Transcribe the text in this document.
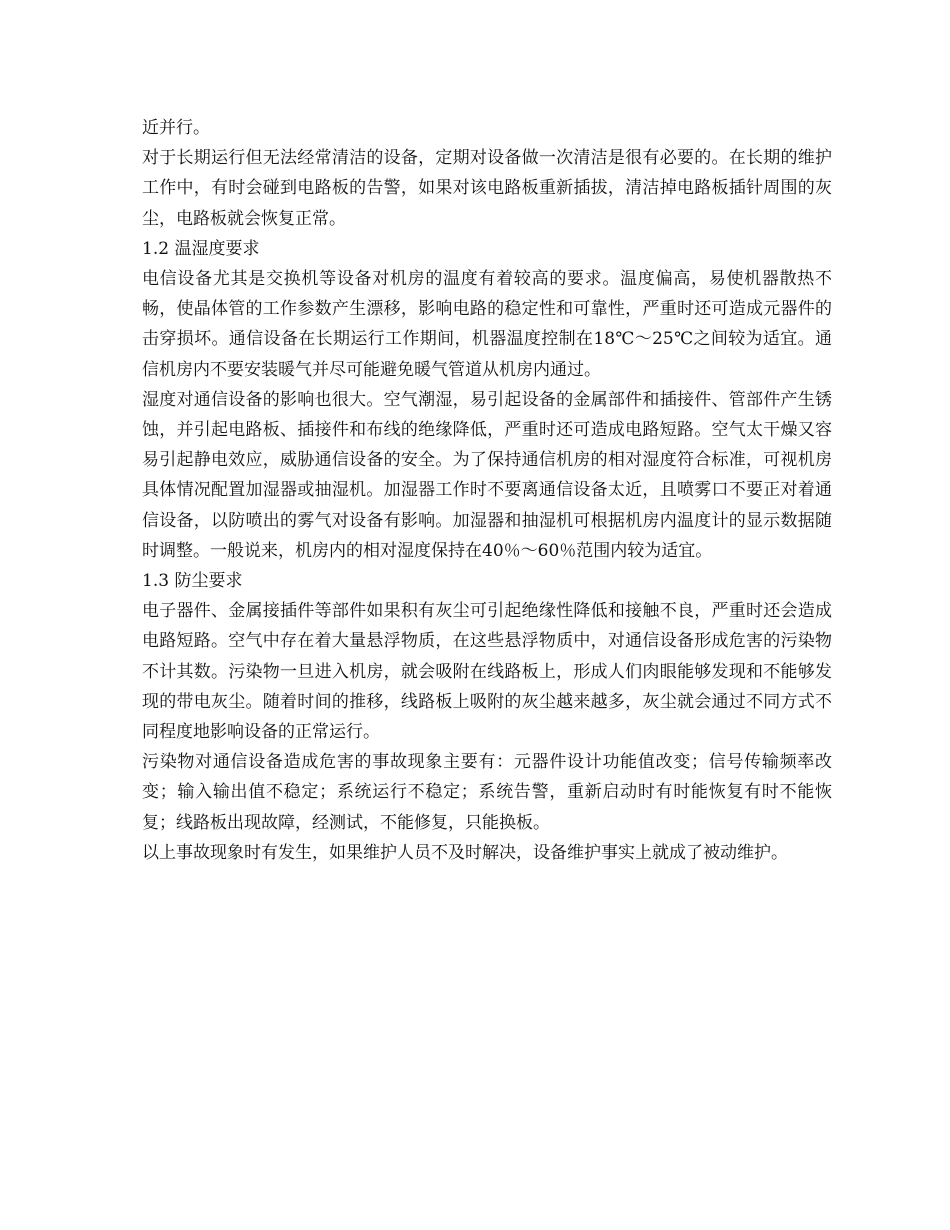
近并行。

对于长期运行但无法经常清洁的设备，定期对设备做一次清洁是很有必要的。在长期的维护工作中，有时会碰到电路板的告警，如果对该电路板重新插拔，清洁掉电路板插针周围的灰尘，电路板就会恢复正常。

1.2 温湿度要求

电信设备尤其是交换机等设备对机房的温度有着较高的要求。温度偏高，易使机器散热不畅，使晶体管的工作参数产生漂移，影响电路的稳定性和可靠性，严重时还可造成元器件的击穿损坏。通信设备在长期运行工作期间，机器温度控制在18℃～25℃之间较为适宜。通信机房内不要安装暖气并尽可能避免暖气管道从机房内通过。

湿度对通信设备的影响也很大。空气潮湿，易引起设备的金属部件和插接件、管部件产生锈蚀，并引起电路板、插接件和布线的绝缘降低，严重时还可造成电路短路。空气太干燥又容易引起静电效应，威胁通信设备的安全。为了保持通信机房的相对湿度符合标准，可视机房具体情况配置加湿器或抽湿机。加湿器工作时不要离通信设备太近，且喷雾口不要正对着通信设备，以防喷出的雾气对设备有影响。加湿器和抽湿机可根据机房内温度计的显示数据随时调整。一般说来，机房内的相对湿度保持在40％～60％范围内较为适宜。

1.3 防尘要求

电子器件、金属接插件等部件如果积有灰尘可引起绝缘性降低和接触不良，严重时还会造成电路短路。空气中存在着大量悬浮物质，在这些悬浮物质中，对通信设备形成危害的污染物不计其数。污染物一旦进入机房，就会吸附在线路板上，形成人们肉眼能够发现和不能够发现的带电灰尘。随着时间的推移，线路板上吸附的灰尘越来越多，灰尘就会通过不同方式不同程度地影响设备的正常运行。

污染物对通信设备造成危害的事故现象主要有：元器件设计功能值改变；信号传输频率改变；输入输出值不稳定；系统运行不稳定；系统告警，重新启动时有时能恢复有时不能恢复；线路板出现故障，经测试，不能修复，只能换板。

以上事故现象时有发生，如果维护人员不及时解决，设备维护事实上就成了被动维护。
